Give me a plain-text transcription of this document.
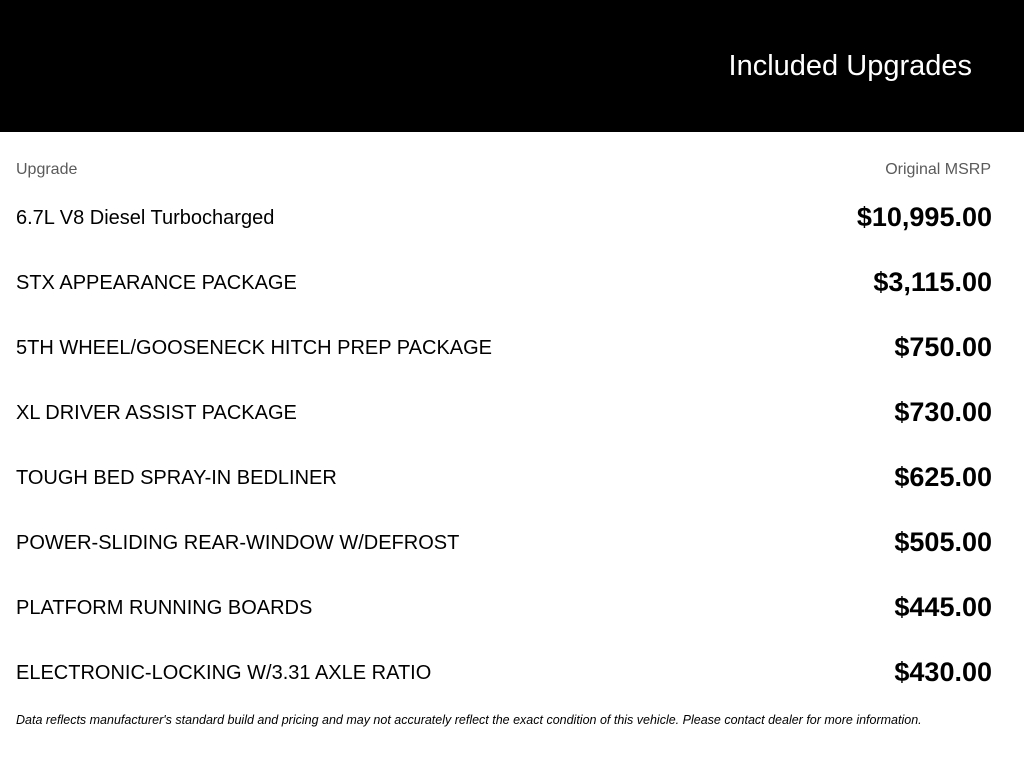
Included Upgrades
Upgrade	Original MSRP
6.7L V8 Diesel Turbocharged	$10,995.00
STX APPEARANCE PACKAGE	$3,115.00
5TH WHEEL/GOOSENECK HITCH PREP PACKAGE	$750.00
XL DRIVER ASSIST PACKAGE	$730.00
TOUGH BED SPRAY-IN BEDLINER	$625.00
POWER-SLIDING REAR-WINDOW W/DEFROST	$505.00
PLATFORM RUNNING BOARDS	$445.00
ELECTRONIC-LOCKING W/3.31 AXLE RATIO	$430.00
Data reflects manufacturer's standard build and pricing and may not accurately reflect the exact condition of this vehicle. Please contact dealer for more information.
